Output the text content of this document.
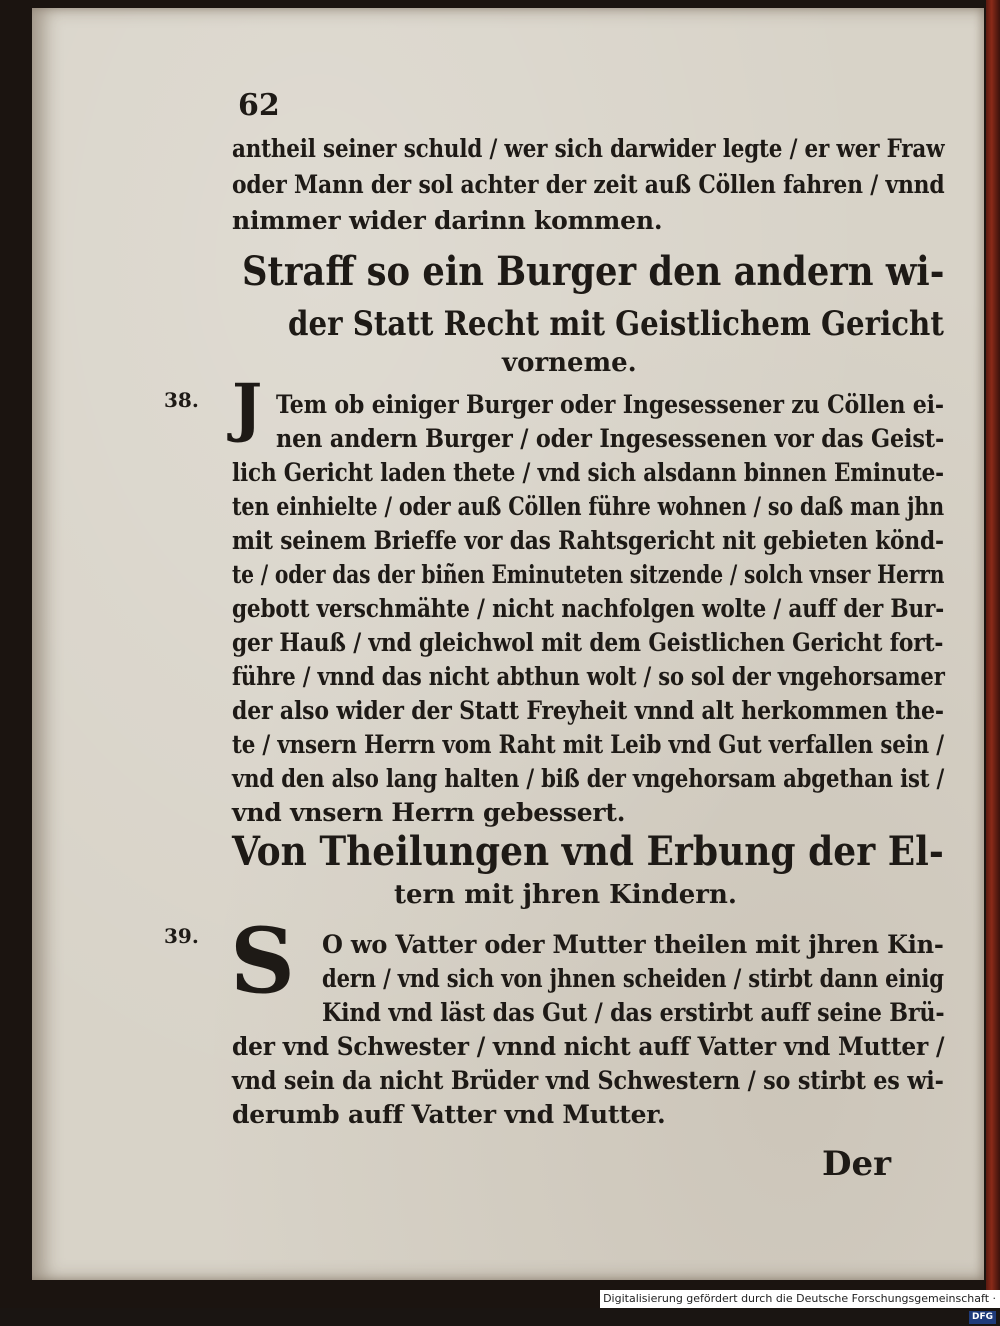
62
antheil seiner schuld / wer sich darwider legte / er wer Fraw
oder Mann der sol achter der zeit auß Cöllen fahren / vnnd
nimmer wider darinn kommen.
Straff so ein Burger den andern wi-
der Statt Recht mit Geistlichem Gericht
vorneme.
38. J Tem ob einiger Burger oder Ingesessener zu Cöllen ei-
nen andern Burger / oder Ingesessenen vor das Geist-
lich Gericht laden thete / vnd sich alsdann binnen Eminute-
ten einhielte / oder auß Cöllen führe wohnen / so daß man jhn
mit seinem Brieffe vor das Rahtsgericht nit gebieten könd-
te / oder das der biñen Eminuteten sitzende / solch vnser Herrn
gebott verschmähte / nicht nachfolgen wolte / auff der Bur-
ger Hauß / vnd gleichwol mit dem Geistlichen Gericht fort-
führe / vnnd das nicht abthun wolt / so sol der vngehorsamer
der also wider der Statt Freyheit vnnd alt herkommen the-
te / vnsern Herrn vom Raht mit Leib vnd Gut verfallen sein /
vnd den also lang halten / biß der vngehorsam abgethan ist /
vnd vnsern Herrn gebessert.
Von Theilungen vnd Erbung der El-
tern mit jhren Kindern.
39. S O wo Vatter oder Mutter theilen mit jhren Kin-
dern / vnd sich von jhnen scheiden / stirbt dann einig
Kind vnd läst das Gut / das erstirbt auff seine Brü-
der vnd Schwester / vnnd nicht auff Vatter vnd Mutter /
vnd sein da nicht Brüder vnd Schwestern / so stirbt es wi-
derumb auff Vatter vnd Mutter.
Der
Digitalisierung gefördert durch die Deutsche Forschungsgemeinschaft ·DFG
